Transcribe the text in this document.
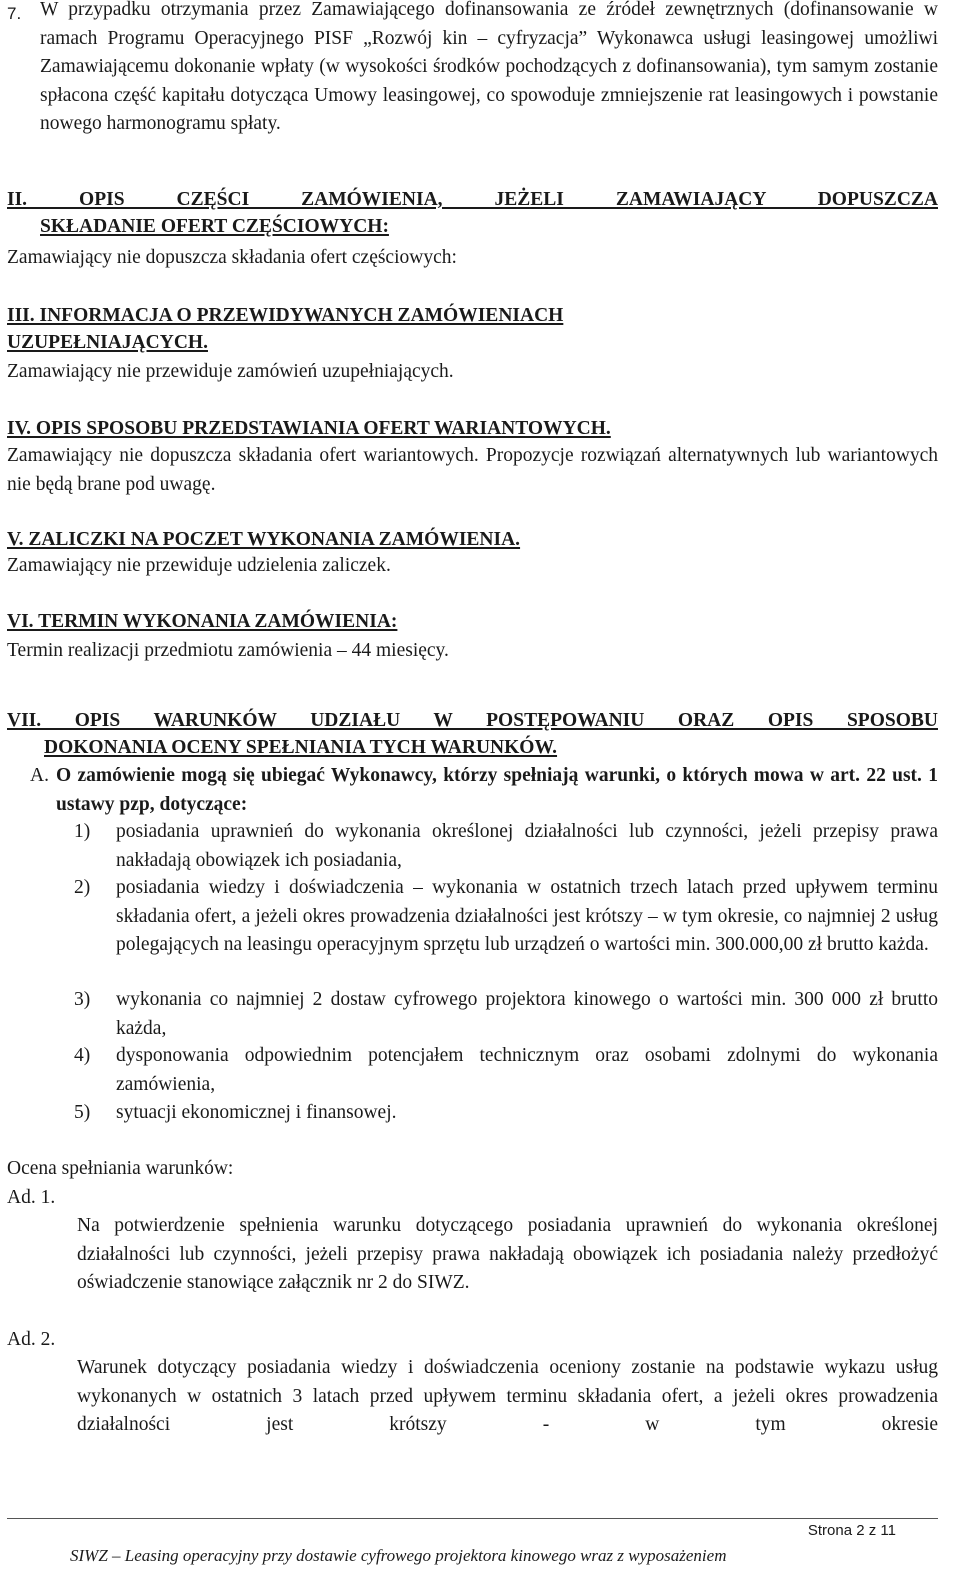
7. W przypadku otrzymania przez Zamawiającego dofinansowania ze źródeł zewnętrznych (dofinansowanie w ramach Programu Operacyjnego PISF „Rozwój kin – cyfryzacja” Wykonawca usługi leasingowej umożliwi Zamawiającemu dokonanie wpłaty (w wysokości środków pochodzących z dofinansowania), tym samym zostanie spłacona część kapitału dotycząca Umowy leasingowej, co spowoduje zmniejszenie rat leasingowych i powstanie nowego harmonogramu spłaty.
II. OPIS CZĘŚCI ZAMÓWIENIA, JEŻELI ZAMAWIAJĄCY DOPUSZCZA
SKŁADANIE OFERT CZĘŚCIOWYCH:
Zamawiający nie dopuszcza składania ofert częściowych:
III. INFORMACJA O PRZEWIDYWANYCH ZAMÓWIENIACH
UZUPEŁNIAJĄCYCH.
Zamawiający nie przewiduje zamówień uzupełniających.
IV. OPIS SPOSOBU PRZEDSTAWIANIA OFERT WARIANTOWYCH.
Zamawiający nie dopuszcza składania ofert wariantowych. Propozycje rozwiązań alternatywnych lub wariantowych nie będą brane pod uwagę.
V. ZALICZKI NA POCZET WYKONANIA ZAMÓWIENIA.
Zamawiający nie przewiduje udzielenia zaliczek.
VI. TERMIN WYKONANIA ZAMÓWIENIA:
Termin realizacji przedmiotu zamówienia – 44 miesięcy.
VII. OPIS WARUNKÓW UDZIAŁU W POSTĘPOWANIU ORAZ OPIS SPOSOBU
DOKONANIA OCENY SPEŁNIANIA TYCH WARUNKÓW.
A. O zamówienie mogą się ubiegać Wykonawcy, którzy spełniają warunki, o których mowa w art. 22 ust. 1 ustawy pzp, dotyczące:
1) posiadania uprawnień do wykonania określonej działalności lub czynności, jeżeli przepisy prawa nakładają obowiązek ich posiadania,
2) posiadania wiedzy i doświadczenia – wykonania w ostatnich trzech latach przed upływem terminu składania ofert, a jeżeli okres prowadzenia działalności jest krótszy – w tym okresie, co najmniej 2 usług polegających na leasingu operacyjnym sprzętu lub urządzeń o wartości min. 300.000,00 zł brutto każda.
3) wykonania co najmniej 2 dostaw cyfrowego projektora kinowego o wartości min. 300 000 zł brutto każda,
4) dysponowania odpowiednim potencjałem technicznym oraz osobami zdolnymi do wykonania zamówienia,
5) sytuacji ekonomicznej i finansowej.
Ocena spełniania warunków:
Ad. 1.
Na potwierdzenie spełnienia warunku dotyczącego posiadania uprawnień do wykonania określonej działalności lub czynności, jeżeli przepisy prawa nakładają obowiązek ich posiadania należy przedłożyć oświadczenie stanowiące załącznik nr 2 do SIWZ.
Ad. 2.
Warunek dotyczący posiadania wiedzy i doświadczenia oceniony zostanie na podstawie wykazu usług wykonanych w ostatnich 3 latach przed upływem terminu składania ofert, a jeżeli okres prowadzenia działalności jest krótszy - w tym okresie
Strona 2 z 11
SIWZ – Leasing operacyjny przy dostawie cyfrowego projektora kinowego wraz z wyposażeniem
